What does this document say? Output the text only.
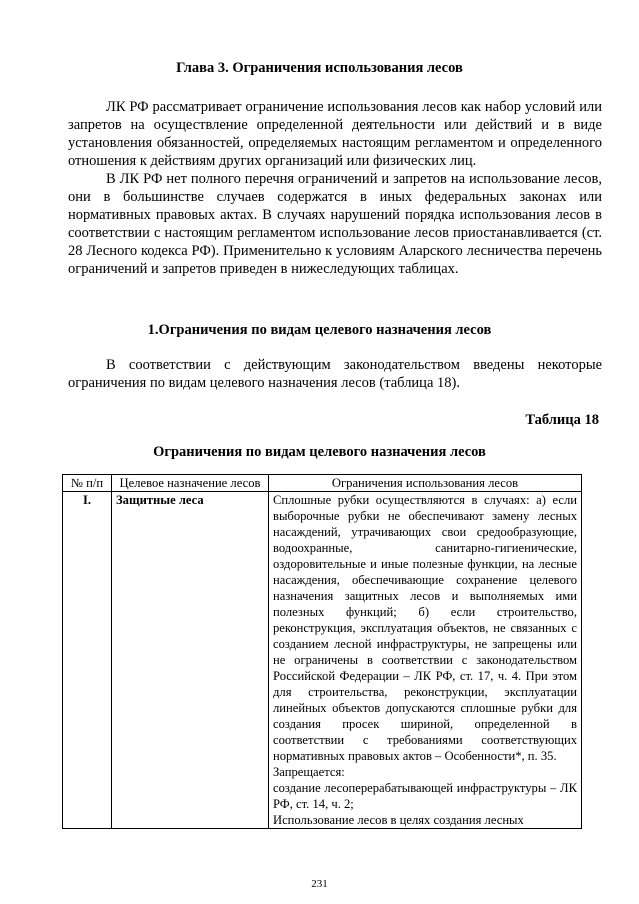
Глава 3. Ограничения использования лесов

ЛК РФ рассматривает ограничение использования лесов как набор условий или запретов на осуществление определенной деятельности или действий и в виде установления обязанностей, определяемых настоящим регламентом и определенного отношения к действиям других организаций или физических лиц.

В ЛК РФ нет полного перечня ограничений и запретов на использование лесов, они в большинстве случаев содержатся в иных федеральных законах или нормативных правовых актах. В случаях нарушений порядка использования лесов в соответствии с настоящим регламентом использование лесов приостанавливается (ст. 28 Лесного кодекса РФ). Применительно к условиям Аларского лесничества перечень ограничений и запретов приведен в нижеследующих таблицах.

1.Ограничения по видам целевого назначения лесов

В соответствии с действующим законодательством введены некоторые ограничения по видам целевого назначения лесов (таблица 18).

Таблица 18
Ограничения по видам целевого назначения лесов
№ п/п	Целевое назначение лесов	Ограничения использования лесов
I.	Защитные леса	Сплошные рубки осуществляются в случаях: а) если выборочные рубки не обеспечивают замену лесных насаждений, утрачивающих свои средообразующие, водоохранные, санитарно-гигиенические, оздоровительные и иные полезные функции, на лесные насаждения, обеспечивающие сохранение целевого назначения защитных лесов и выполняемых ими полезных функций; б) если строительство, реконструкция, эксплуатация объектов, не связанных с созданием лесной инфраструктуры, не запрещены или не ограничены в соответствии с законодательством Российской Федерации – ЛК РФ, ст. 17, ч. 4. При этом для строительства, реконструкции, эксплуатации линейных объектов допускаются сплошные рубки для создания просек шириной, определенной в соответствии с требованиями соответствующих нормативных правовых актов – Особенности*, п. 35.
Запрещается:
создание лесоперерабатывающей инфраструктуры – ЛК РФ, ст. 14, ч. 2;
Использование лесов в целях создания лесных
231
